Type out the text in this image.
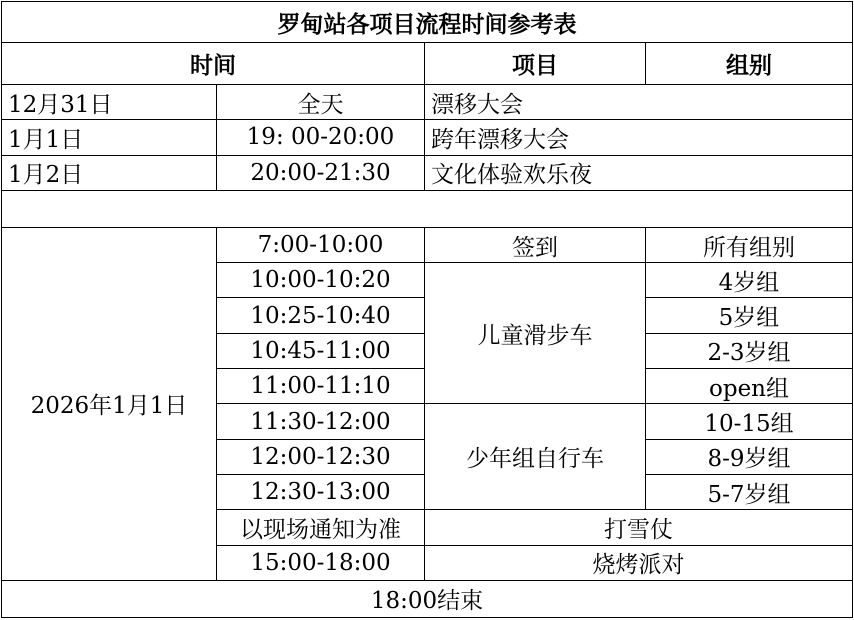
罗甸站各项目流程时间参考表			
时间		项目	组别
12月31日	全天	漂移大会	
1月1日	19: 00-20:00	跨年漂移大会	
1月2日	20:00-21:30	文化体验欢乐夜	

2026年1月1日	7:00-10:00	签到	所有组别
	10:00-10:20	儿童滑步车	4岁组
	10:25-10:40		5岁组
	10:45-11:00		2-3岁组
	11:00-11:10		open组
	11:30-12:00	少年组自行车	10-15组
	12:00-12:30		8-9岁组
	12:30-13:00		5-7岁组
	以现场通知为准	打雪仗	
	15:00-18:00	烧烤派对	
18:00结束			
